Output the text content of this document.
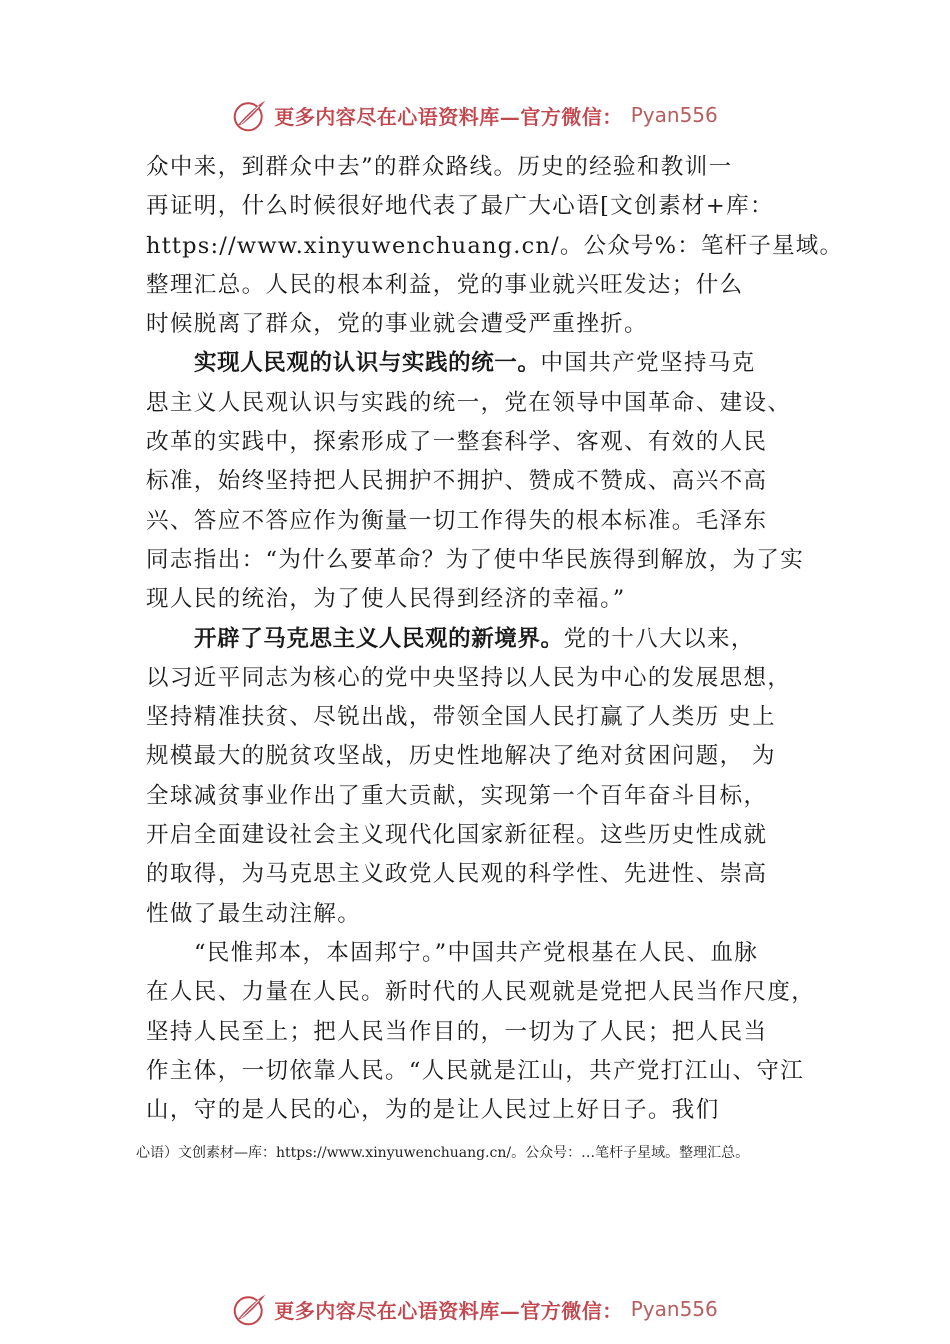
更多内容尽在心语资料库—官方微信： Pyan556
众中来，到群众中去”的群众路线。历史的经验和教训一
再证明，什么时候很好地代表了最广大心语[文创素材+库：
https://www.xinyuwenchuang.cn/。公众号%：笔杆子星域。
整理汇总。人民的根本利益，党的事业就兴旺发达；什么
时候脱离了群众，党的事业就会遭受严重挫折。
实现人民观的认识与实践的统一。中国共产党坚持马克
思主义人民观认识与实践的统一，党在领导中国革命、建设、
改革的实践中，探索形成了一整套科学、客观、有效的人民
标准，始终坚持把人民拥护不拥护、赞成不赞成、高兴不高
兴、答应不答应作为衡量一切工作得失的根本标准。毛泽东
同志指出：“为什么要革命？为了使中华民族得到解放，为了实
现人民的统治，为了使人民得到经济的幸福。”
开辟了马克思主义人民观的新境界。党的十八大以来，
以习近平同志为核心的党中央坚持以人民为中心的发展思想，
坚持精准扶贫、尽锐出战，带领全国人民打赢了人类历 史上
规模最大的脱贫攻坚战，历史性地解决了绝对贫困问题， 为
全球减贫事业作出了重大贡献，实现第一个百年奋斗目标，
开启全面建设社会主义现代化国家新征程。这些历史性成就
的取得，为马克思主义政党人民观的科学性、先进性、崇高
性做了最生动注解。
“民惟邦本，本固邦宁。”中国共产党根基在人民、血脉
在人民、力量在人民。新时代的人民观就是党把人民当作尺度，
坚持人民至上；把人民当作目的，一切为了人民；把人民当
作主体，一切依靠人民。“人民就是江山，共产党打江山、守江
山，守的是人民的心，为的是让人民过上好日子。我们
心语）文创素材—库：https://www.xinyuwenchuang.cn/。公众号：…笔杆子星域。整理汇总。
更多内容尽在心语资料库—官方微信： Pyan556
